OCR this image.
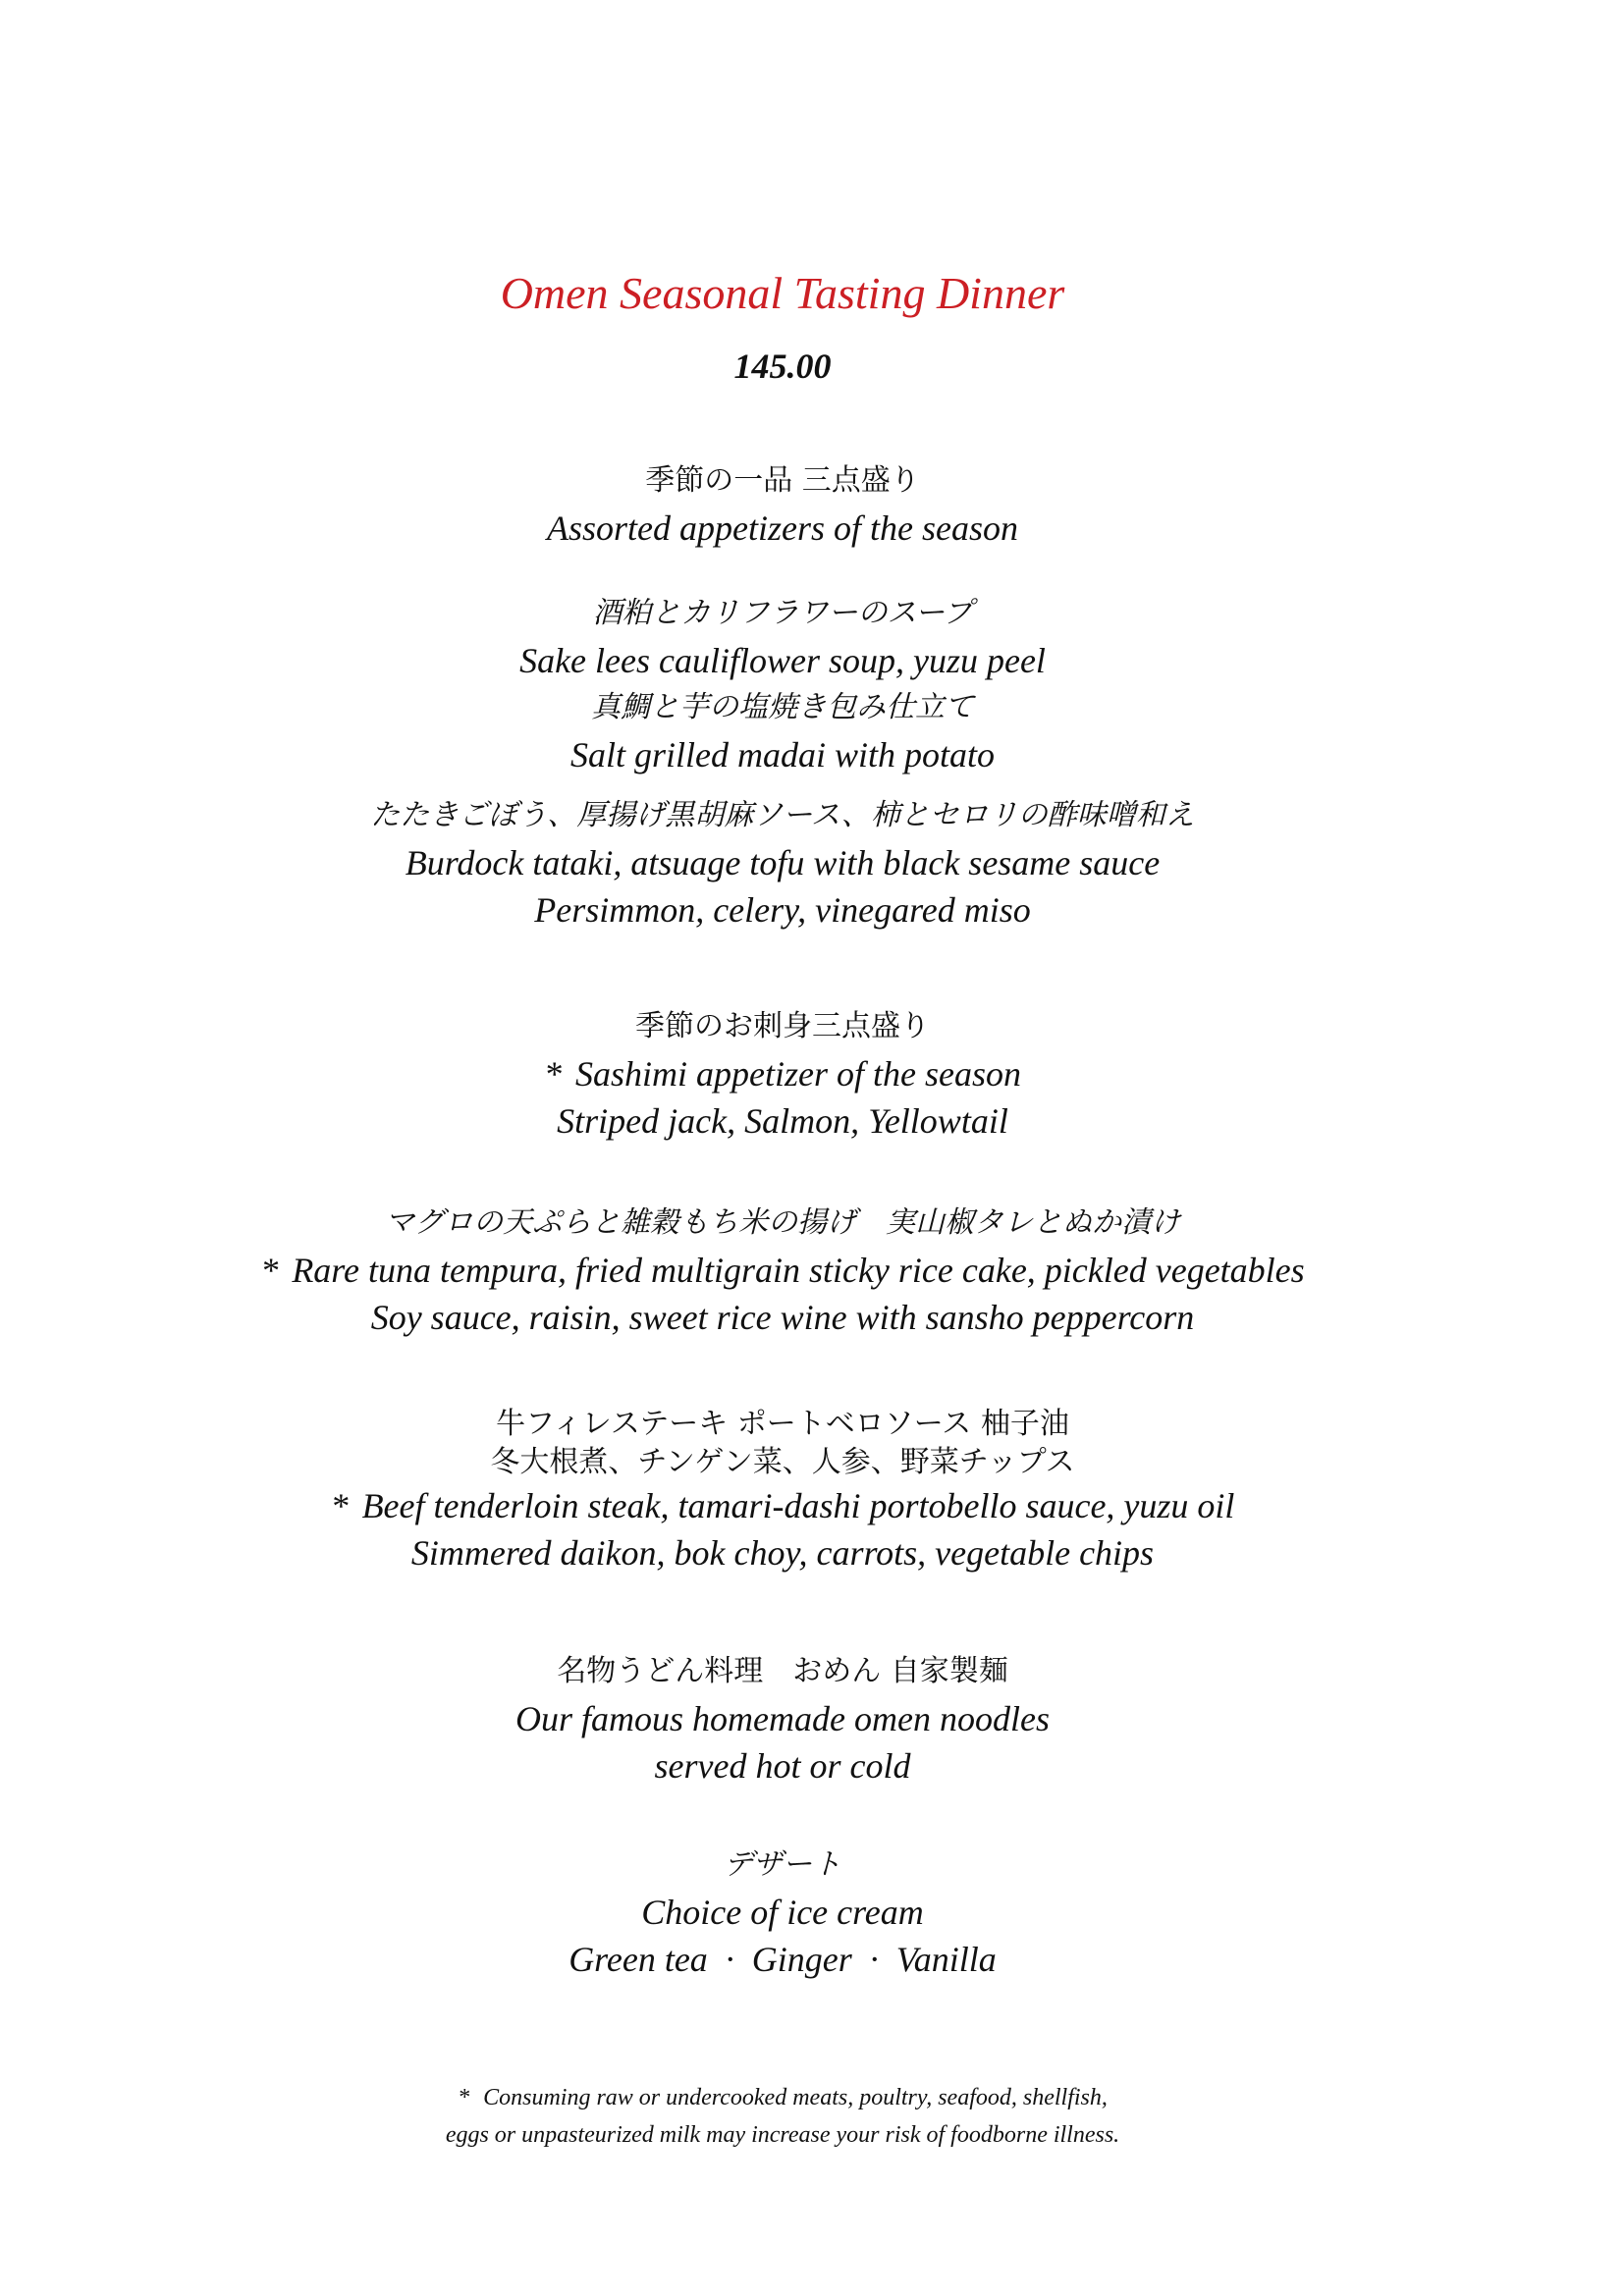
Omen Seasonal Tasting Dinner
145.00
季節の一品 三点盛り
Assorted appetizers of the season
酒粕とカリフラワーのスープ
Sake lees cauliflower soup, yuzu peel
真鯛と芋の塩焼き包み仕立て
Salt grilled madai with potato
たたきごぼう、厚揚げ黒胡麻ソース、柿とセロリの酢味噌和え
Burdock tataki, atsuage tofu with black sesame sauce
Persimmon, celery, vinegared miso
季節のお刺身三点盛り
* Sashimi appetizer of the season
Striped jack, Salmon, Yellowtail
マグロの天ぷらと雑穀もち米の揚げ　実山椒タレとぬか漬け
* Rare tuna tempura, fried multigrain sticky rice cake, pickled vegetables
Soy sauce, raisin, sweet rice wine with sansho peppercorn
牛フィレステーキ ポートベロソース 柚子油
冬大根煮、チンゲン菜、人参、野菜チップス
* Beef tenderloin steak, tamari-dashi portobello sauce, yuzu oil
Simmered daikon, bok choy, carrots, vegetable chips
名物うどん料理　おめん 自家製麺
Our famous homemade omen noodles
served hot or cold
デザート
Choice of ice cream
Green tea  ·  Ginger  ·  Vanilla
* Consuming raw or undercooked meats, poultry, seafood, shellfish,
eggs or unpasteurized milk may increase your risk of foodborne illness.
